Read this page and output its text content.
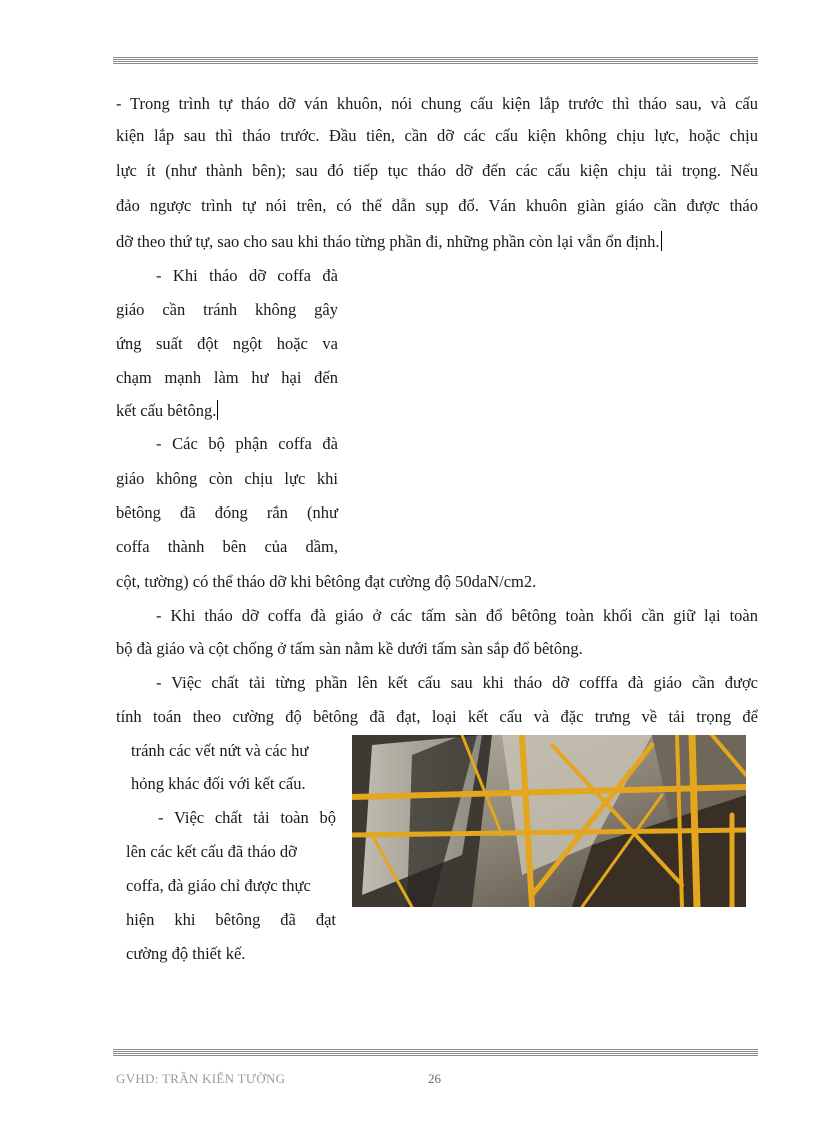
- Trong trình tự tháo dỡ ván khuôn, nói chung cấu kiện lắp trước thì tháo sau, và cấu
kiện lắp sau thì tháo trước. Đầu tiên, cần dỡ các cấu kiện không chịu lực, hoặc chịu
lực ít (như thành bên); sau đó tiếp tục tháo dỡ đến các cấu kiện chịu tải trọng. Nếu
đảo ngược trình tự nói trên, có thể dẫn sụp đổ. Ván khuôn giàn giáo cần được tháo
dỡ theo thứ tự, sao cho sau khi tháo từng phần đi, những phần còn lại vẫn ổn định.
- Khi tháo dỡ coffa đà
giáo cần tránh không gây
ứng suất đột ngột hoặc va
chạm mạnh làm hư hại đến
kết cấu bêtông.
- Các bộ phận coffa đà
giáo không còn chịu lực khi
bêtông đã đóng rắn (như
coffa thành bên của dầm,
cột, tường) có thể tháo dỡ khi bêtông đạt cường độ 50daN/cm2.
- Khi tháo dỡ coffa đà giáo ở các tấm sàn đổ bêtông toàn khối cần giữ lại toàn
bộ đà giáo và cột chống ở tấm sàn nằm kề dưới tấm sàn sắp đổ bêtông.
- Việc chất tải từng phần lên kết cấu sau khi tháo dỡ cofffa đà giáo cần được
tính toán theo cường độ bêtông đã đạt, loại kết cấu và đặc trưng về tải trọng để
tránh các vết nứt và các hư
hỏng khác đối với kết cấu.
- Việc chất tải toàn bộ
lên các kết cấu đã tháo dỡ
coffa, đà giáo chỉ được thực
hiện khi bêtông đã đạt
cường độ thiết kế.
GVHD: TRẦN KIẾN TƯỜNG	26
